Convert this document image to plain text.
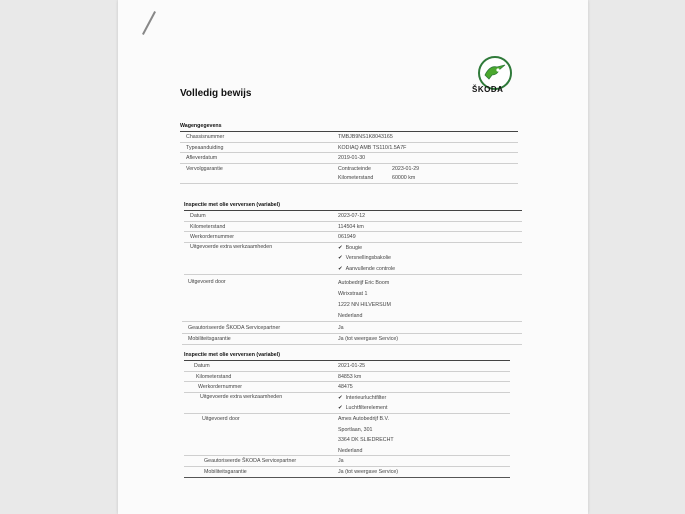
ŠKODA
Volledig bewijs
Wagengegevens
Chassisnummer	TMBJB9NS1K8043165
Typeaanduiding	KODIAQ AMB TS110/1.5A7F
Afleverdatum	2019-01-30
Vervolggarantie	Contracteinde	2023-01-29
Kilometerstand	60000 km
Inspectie met olie verversen (variabel)
Datum	2023-07-12
Kilometerstand	114504 km
Werkordernummer	061949
Uitgevoerde extra werkzaamheden	✔ Bougie
✔ Versnellingsbakolie
✔ Aanvullende controle
Uitgevoerd door	Autobedrijf Eric Boom
Wirixstraat 1
1222 NN HILVERSUM
Nederland
Geautoriseerde ŠKODA Servicepartner	Ja
Mobiliteitsgarantie	Ja (tot weergave Service)
Inspectie met olie verversen (variabel)
Datum	2021-01-25
Kilometerstand	84853 km
Werkordernummer	48475
Uitgevoerde extra werkzaamheden	✔ Interieurluchtfilter
✔ Luchtfilterelement
Uitgevoerd door	Ames Autobedrijf B.V.
Sportlaan, 301
3364 DK SLIEDRECHT
Nederland
Geautoriseerde ŠKODA Servicepartner	Ja
Mobiliteitsgarantie	Ja (tot weergave Service)
